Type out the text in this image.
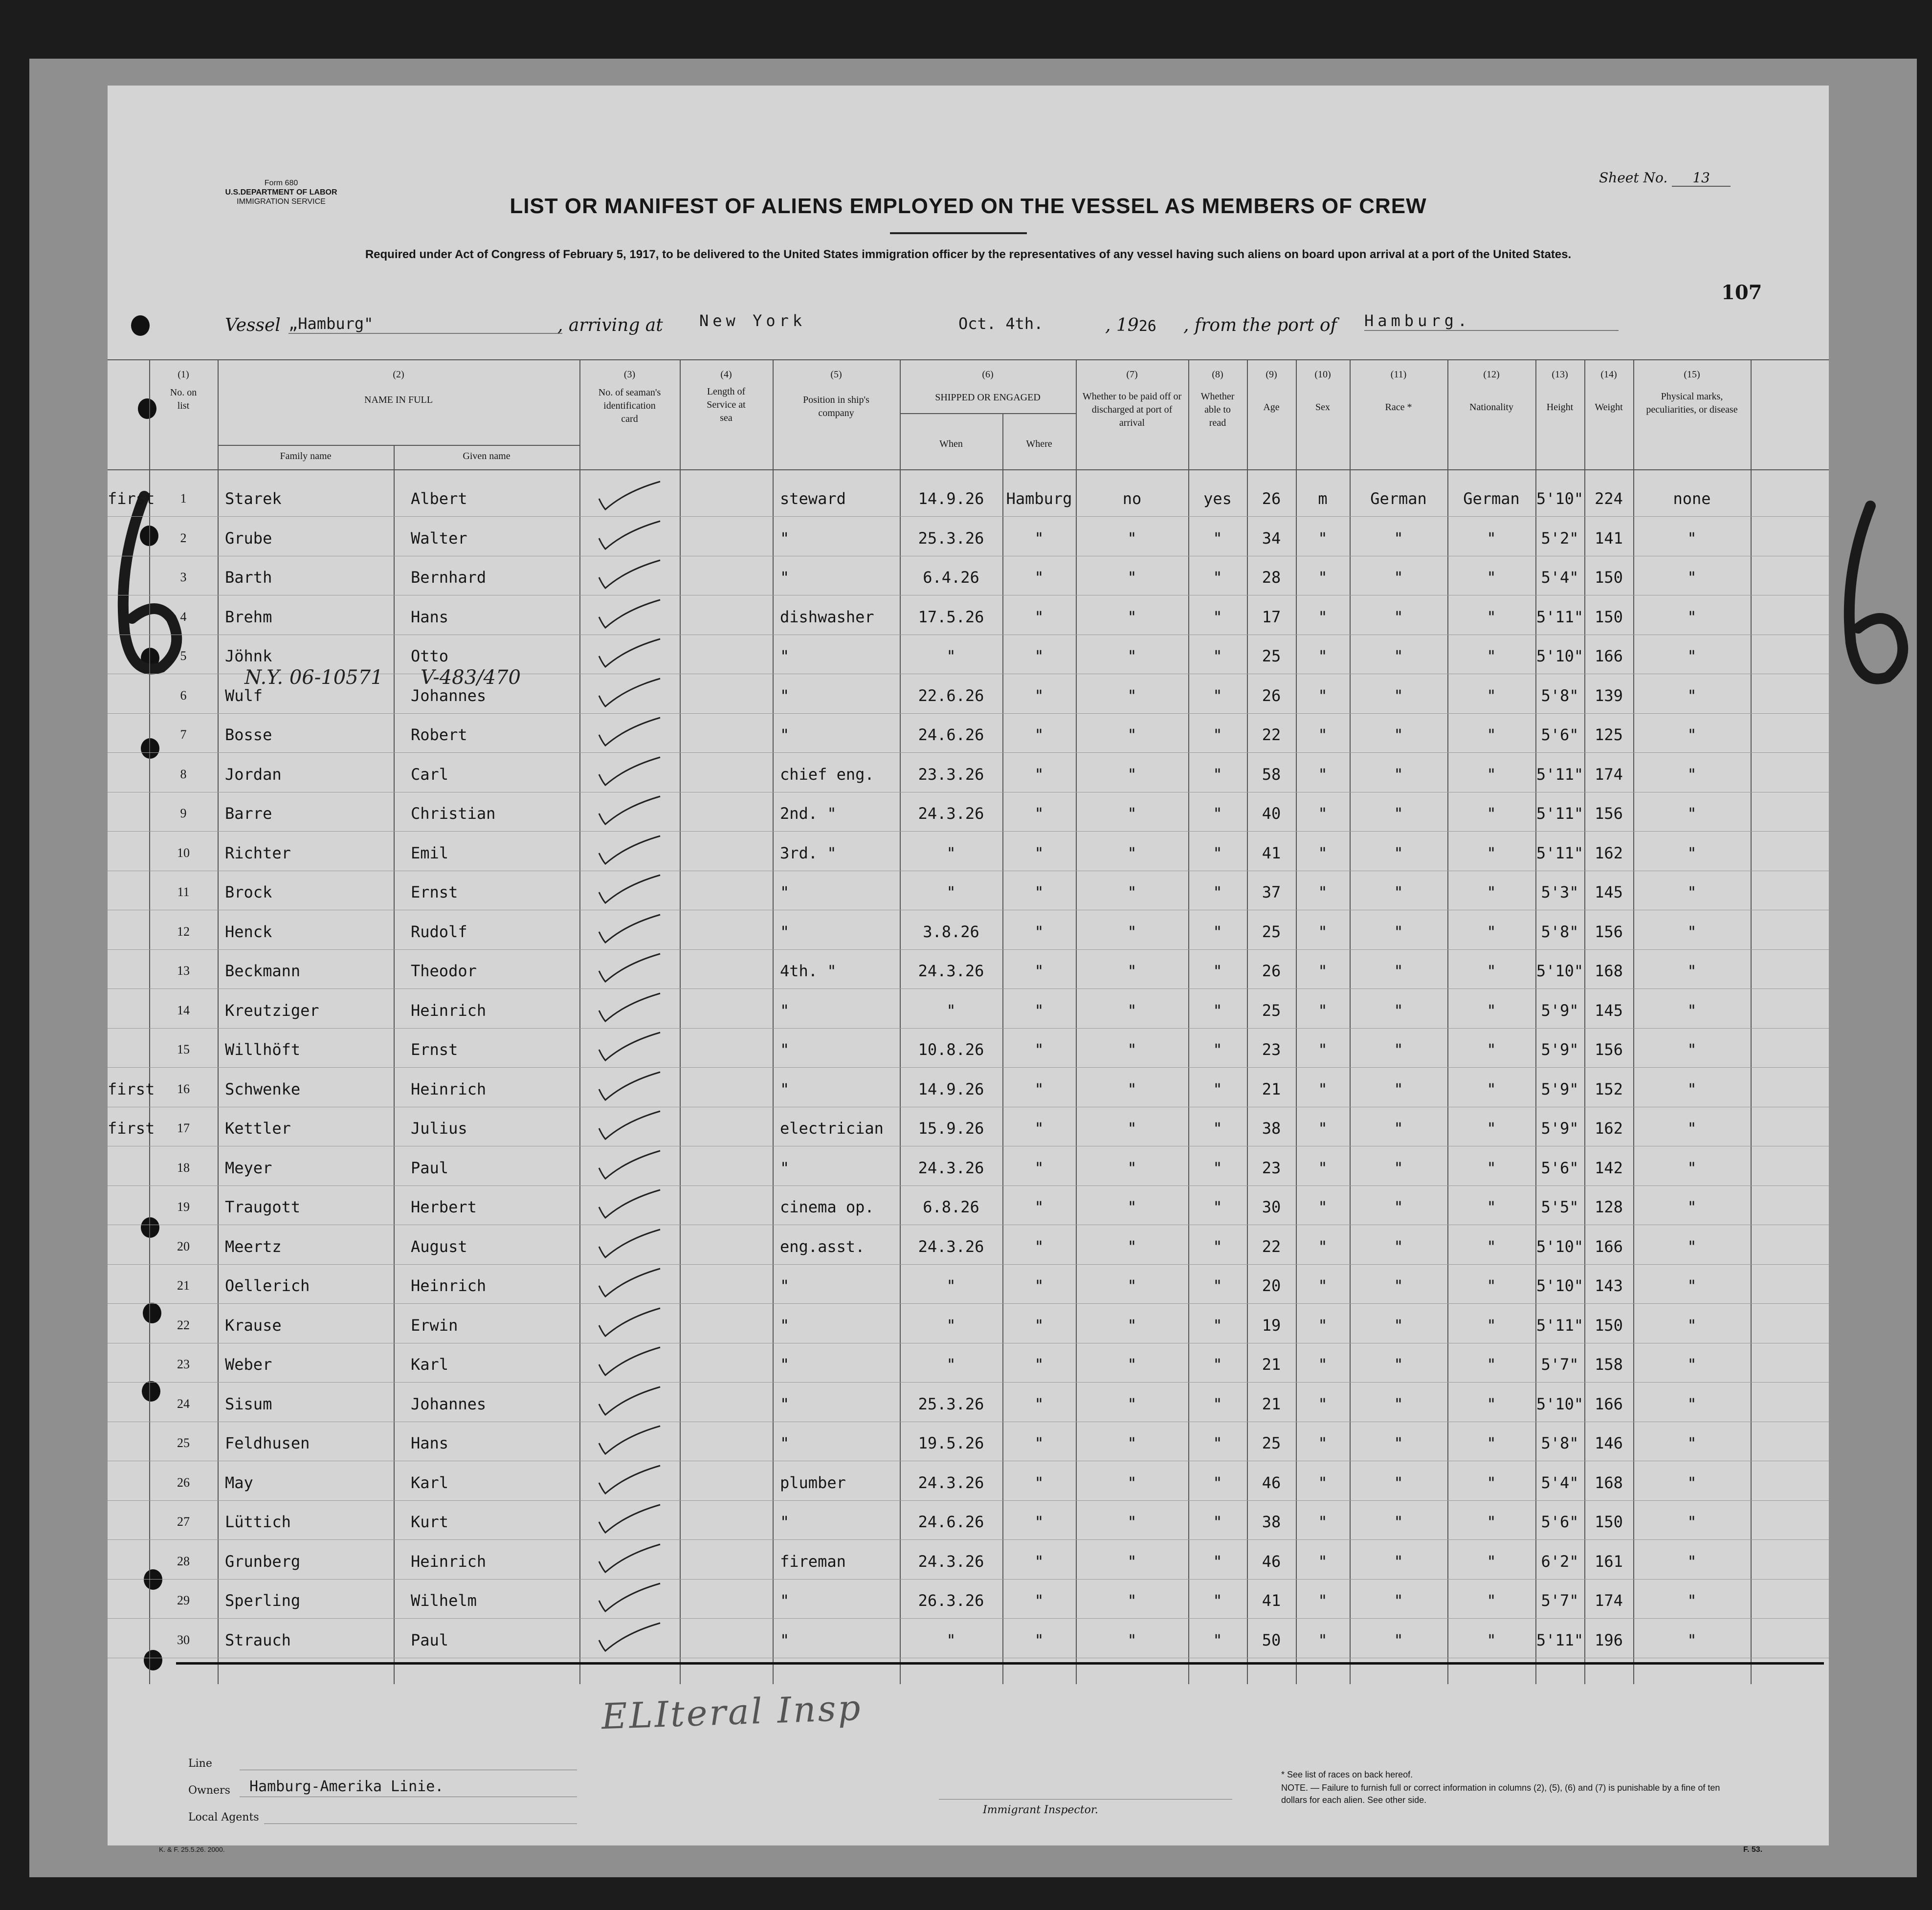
Form 680
U.S.DEPARTMENT OF LABOR
IMMIGRATION SERVICE
Sheet No. 13
LIST OR MANIFEST OF ALIENS EMPLOYED ON THE VESSEL AS MEMBERS OF CREW
Required under Act of Congress of February 5, 1917, to be delivered to the United States immigration officer by the representatives of any vessel having such aliens on board upon arrival at a port of the United States.
107
Vessel „Hamburg"	, arriving at New York	Oct. 4th.	, 1926 , from the port of Hamburg.
(1)
No. on list
(2)
NAME IN FULL
Family name	Given name
(3)
No. of seaman's identification card
(4)
Length of Service at sea
(5)
Position in ship's company
(6)
SHIPPED OR ENGAGED
When	Where
(7)
Whether to be paid off or discharged at port of arrival
(8)
Whether able to read
(9)
Age
(10)
Sex
(11)
Race *
(12)
Nationality
(13)
Height
(14)
Weight
(15)
Physical marks, peculiarities, or disease
first	1	Starek	Albert	steward	14.9.26	Hamburg	no	yes	26	m	German	German	5'10" 224	none
2	Grube	Walter	"	25.3.26	"	"	"	34	"	"	"	5'2"	141	"
3	Barth	Bernhard	"	6.4.26	"	"	"	28	"	"	"	5'4"	150	"
4	Brehm	Hans	dishwasher	17.5.26	"	"	"	17	"	"	"	5'11" 150	"
5	Jöhnk	Otto	"	"	"	"	"	25	"	"	"	5'10" 166	"
6	Wulf	Johannes	"	22.6.26	"	"	"	26	"	"	"	5'8"	139	"
7	Bosse	Robert	"	24.6.26	"	"	"	22	"	"	"	5'6"	125	"
8	Jordan	Carl	chief eng.	23.3.26	"	"	"	58	"	"	"	5'11" 174	"
9	Barre	Christian	2nd. "	24.3.26	"	"	"	40	"	"	"	5'11" 156	"
10	Richter	Emil	3rd. "	"	"	"	"	41	"	"	"	5'11" 162	"
11	Brock	Ernst	"	"	"	"	"	37	"	"	"	5'3"	145	"
12	Henck	Rudolf	"	3.8.26	"	"	"	25	"	"	"	5'8"	156	"
13	Beckmann	Theodor	4th. "	24.3.26	"	"	"	26	"	"	"	5'10" 168	"
14	Kreutziger	Heinrich	"	"	"	"	"	25	"	"	"	5'9"	145	"
15	Willhöft	Ernst	"	10.8.26	"	"	"	23	"	"	"	5'9"	156	"
first	16	Schwenke	Heinrich	"	14.9.26	"	"	"	21	"	"	"	5'9"	152	"
first	17	Kettler	Julius	electrician	15.9.26	"	"	"	38	"	"	"	5'9"	162	"
18	Meyer	Paul	"	24.3.26	"	"	"	23	"	"	"	5'6"	142	"
19	Traugott	Herbert	cinema op.	6.8.26	"	"	"	30	"	"	"	5'5"	128	"
20	Meertz	August	eng.asst.	24.3.26	"	"	"	22	"	"	"	5'10" 166	"
21	Oellerich	Heinrich	"	"	"	"	"	20	"	"	"	5'10" 143	"
22	Krause	Erwin	"	"	"	"	"	19	"	"	"	5'11" 150	"
23	Weber	Karl	"	"	"	"	"	21	"	"	"	5'7"	158	"
24	Sisum	Johannes	"	25.3.26	"	"	"	21	"	"	"	5'10" 166	"
25	Feldhusen	Hans	"	19.5.26	"	"	"	25	"	"	"	5'8"	146	"
26	May	Karl	plumber	24.3.26	"	"	"	46	"	"	"	5'4"	168	"
27	Lüttich	Kurt	"	24.6.26	"	"	"	38	"	"	"	5'6"	150	"
28	Grunberg	Heinrich	fireman	24.3.26	"	"	"	46	"	"	"	6'2"	161	"
29	Sperling	Wilhelm	"	26.3.26	"	"	"	41	"	"	"	5'7"	174	"
30	Strauch	Paul	"	"	"	"	"	50	"	"	"	5'11" 196	"
N.Y. 06-10571 V-483/470
ELIteral Insp
Line
Owners Hamburg-Amerika Linie.
Local Agents
Immigrant Inspector.
* See list of races on back hereof.
NOTE. — Failure to furnish full or correct information in columns (2), (5), (6) and (7) is punishable by a fine of ten dollars for each alien. See other side.
K. & F. 25.5.26. 2000.	F. 53.
